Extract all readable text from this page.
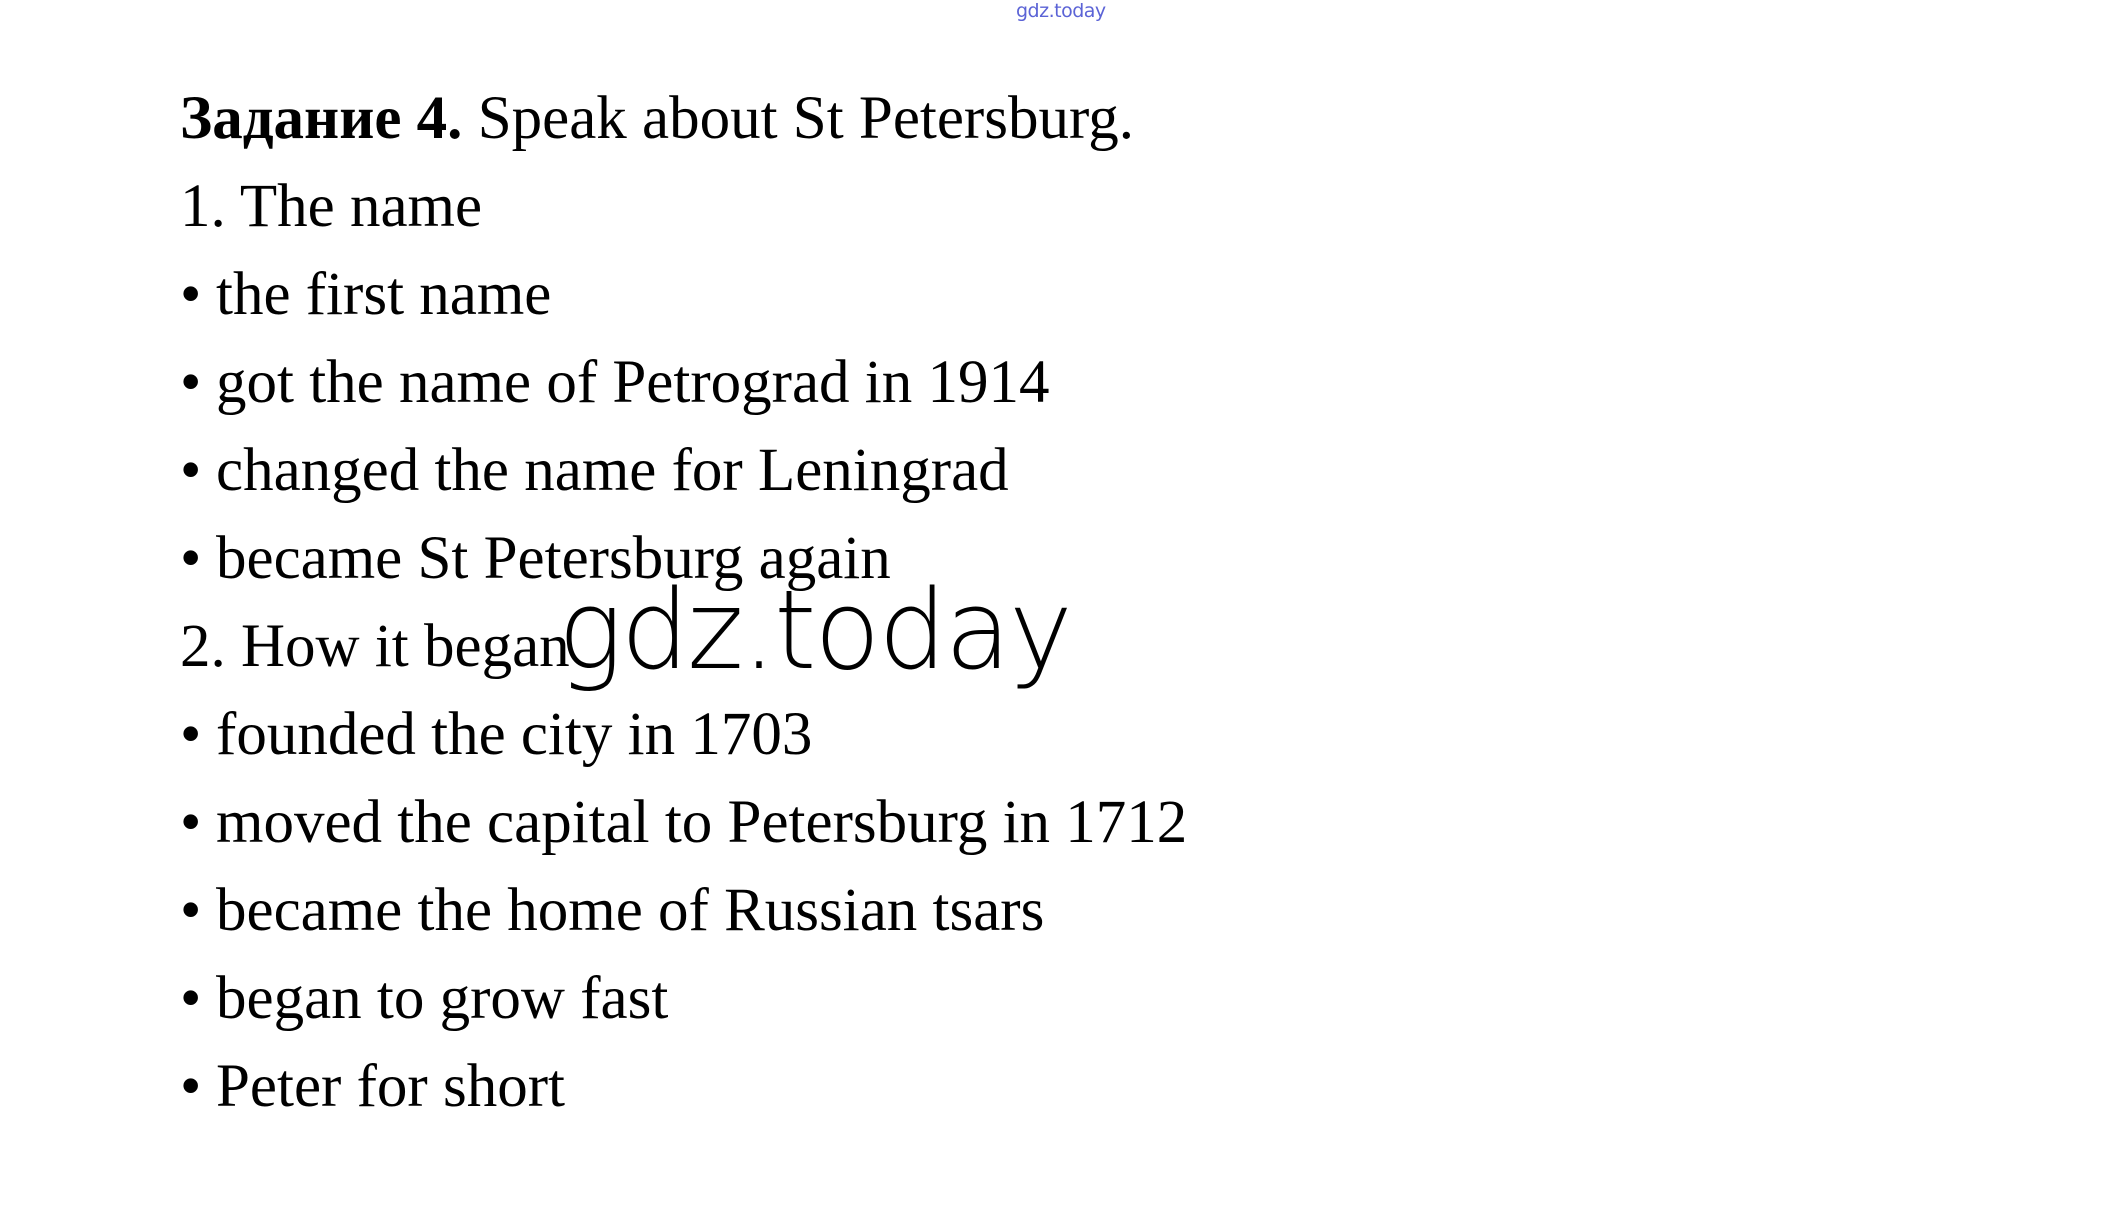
gdz.today
Задание 4. Speak about St Petersburg.
1. The name
• the first name
• got the name of Petrograd in 1914
• changed the name for Leningrad
• became St Petersburg again
2. How it began
• founded the city in 1703
• moved the capital to Petersburg in 1712
• became the home of Russian tsars
• began to grow fast
• Peter for short
gdz.today
